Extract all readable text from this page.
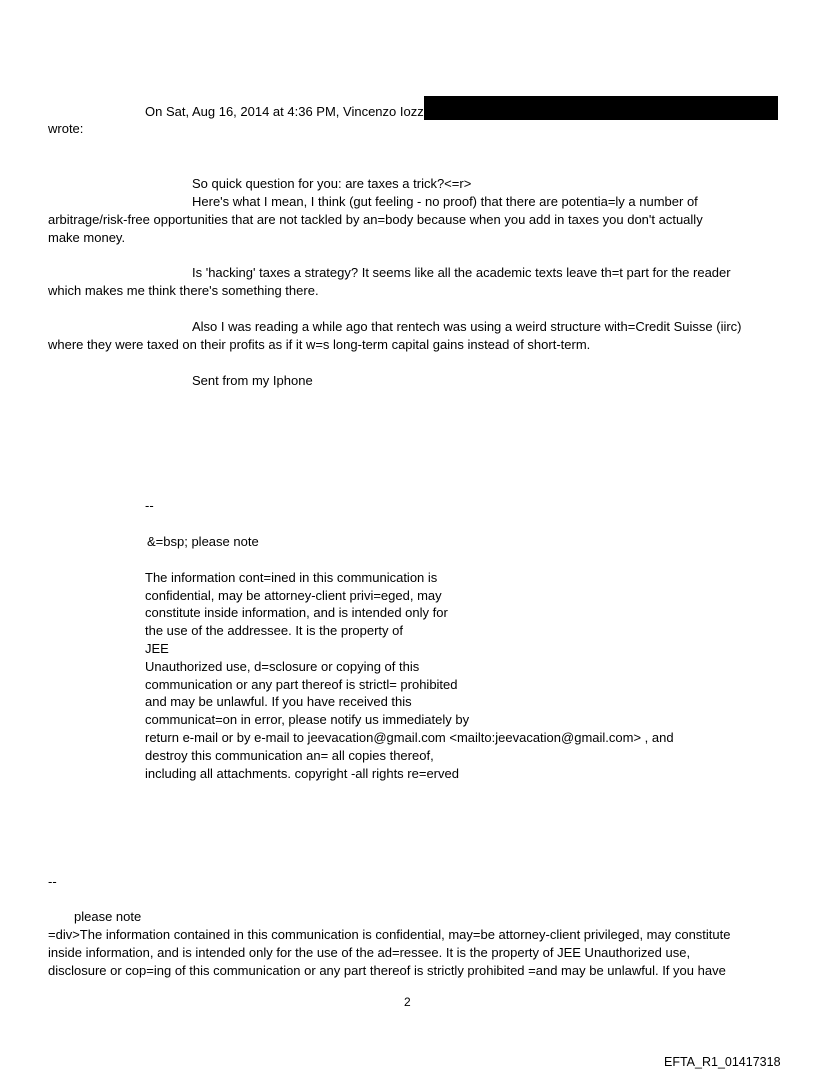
On Sat, Aug 16, 2014 at 4:36 PM, Vincenzo Iozz
wrote:
So quick question for you: are taxes a trick?<=r>
Here's what I mean, I think (gut feeling - no proof) that there are potentia=ly a number of
arbitrage/risk-free opportunities that are not tackled by an=body because when you add in taxes you don't actually
make money.
Is 'hacking' taxes a strategy? It seems like all the academic texts leave th=t part for the reader
which makes me think there's something there.
Also I was reading a while ago that rentech was using a weird structure with=Credit Suisse (iirc)
where they were taxed on their profits as if it w=s long-term capital gains instead of short-term.
Sent from my Iphone
--
&=bsp; please note
The information cont=ined in this communication is
confidential, may be attorney-client privi=eged, may
constitute inside information, and is intended only for
the use of the addressee. It is the property of
JEE
Unauthorized use, d=sclosure or copying of this
communication or any part thereof is strictl= prohibited
and may be unlawful. If you have received this
communicat=on in error, please notify us immediately by
return e-mail or by e-mail to jeevacation@gmail.com <mailto:jeevacation@gmail.com> , and
destroy this communication an= all copies thereof,
including all attachments. copyright -all rights re=erved
--
please note
=div>The information contained in this communication is confidential, may=be attorney-client privileged, may constitute
inside information, and is intended only for the use of the ad=ressee. It is the property of JEE Unauthorized use,
disclosure or cop=ing of this communication or any part thereof is strictly prohibited =and may be unlawful. If you have
2
EFTA_R1_01417318
